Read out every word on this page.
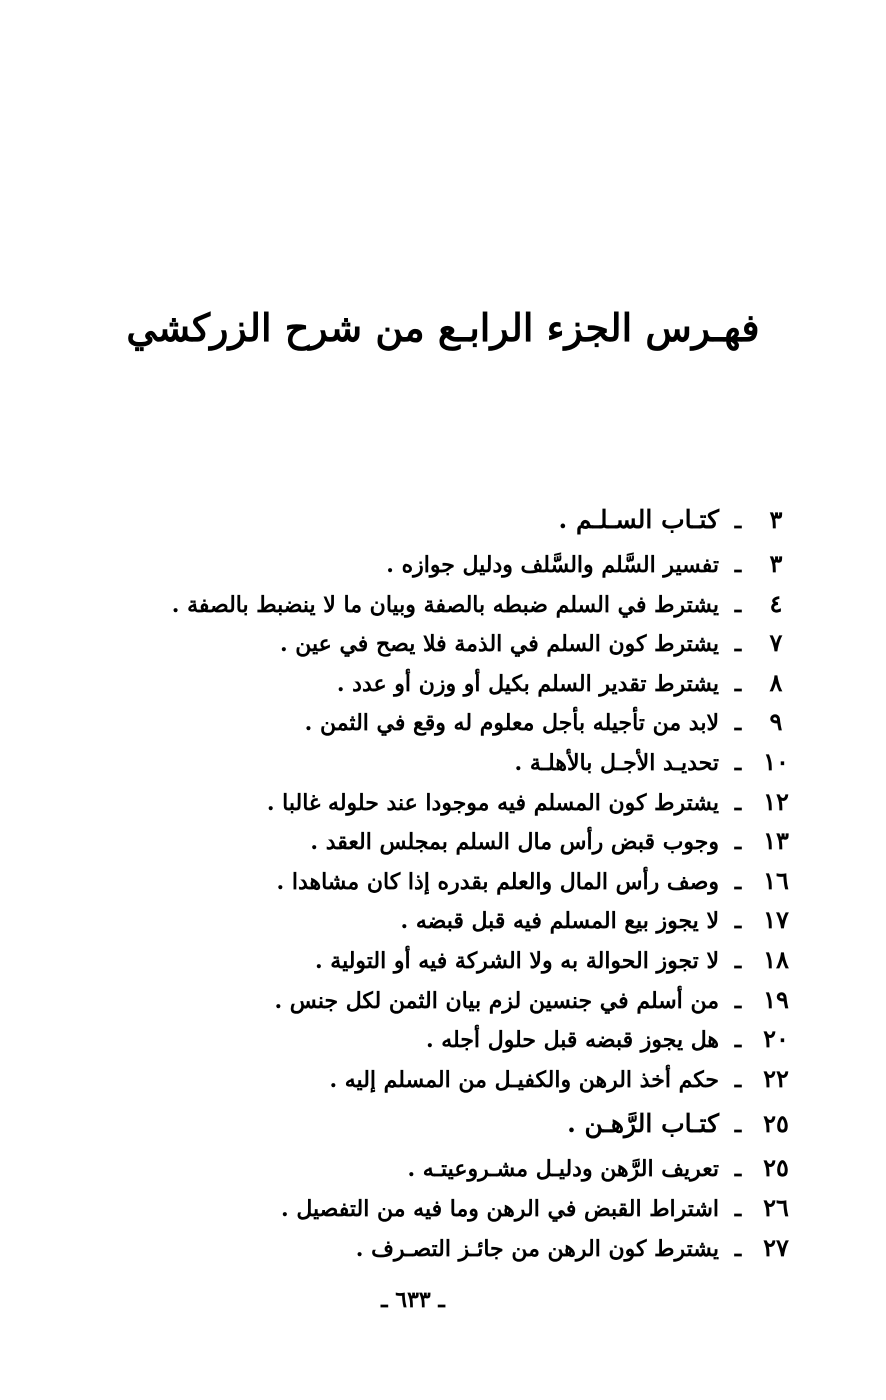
فهـرس الجزء الرابـع من شرح الزركشي
٣
ـ
كتـاب السـلـم .
٣
ـ
تفسير السَّلم والسَّلف ودليل جوازه .
٤
ـ
يشترط في السلم ضبطه بالصفة وبيان ما لا ينضبط بالصفة .
٧
ـ
يشترط كون السلم في الذمة فلا يصح في عين .
٨
ـ
يشترط تقدير السلم بكيل أو وزن أو عدد .
٩
ـ
لابد من تأجيله بأجل معلوم له وقع في الثمن .
١٠
ـ
تحديـد الأجـل بالأهلـة .
١٢
ـ
يشترط كون المسلم فيه موجودا عند حلوله غالبا .
١٣
ـ
وجوب قبض رأس مال السلم بمجلس العقد .
١٦
ـ
وصف رأس المال والعلم بقدره إذا كان مشاهدا .
١٧
ـ
لا يجوز بيع المسلم فيه قبل قبضه .
١٨
ـ
لا تجوز الحوالة به ولا الشركة فيه أو التولية .
١٩
ـ
من أسلم في جنسين لزم بيان الثمن لكل جنس .
٢٠
ـ
هل يجوز قبضه قبل حلول أجله .
٢٢
ـ
حكم أخذ الرهن والكفيـل من المسلم إليه .
٢٥
ـ
كتـاب الرَّهـن .
٢٥
ـ
تعريف الرَّهن ودليـل مشـروعيتـه .
٢٦
ـ
اشتراط القبض في الرهن وما فيه من التفصيل .
٢٧
ـ
يشترط كون الرهن من جائـز التصـرف .
ـ ٦٣٣ ـ
